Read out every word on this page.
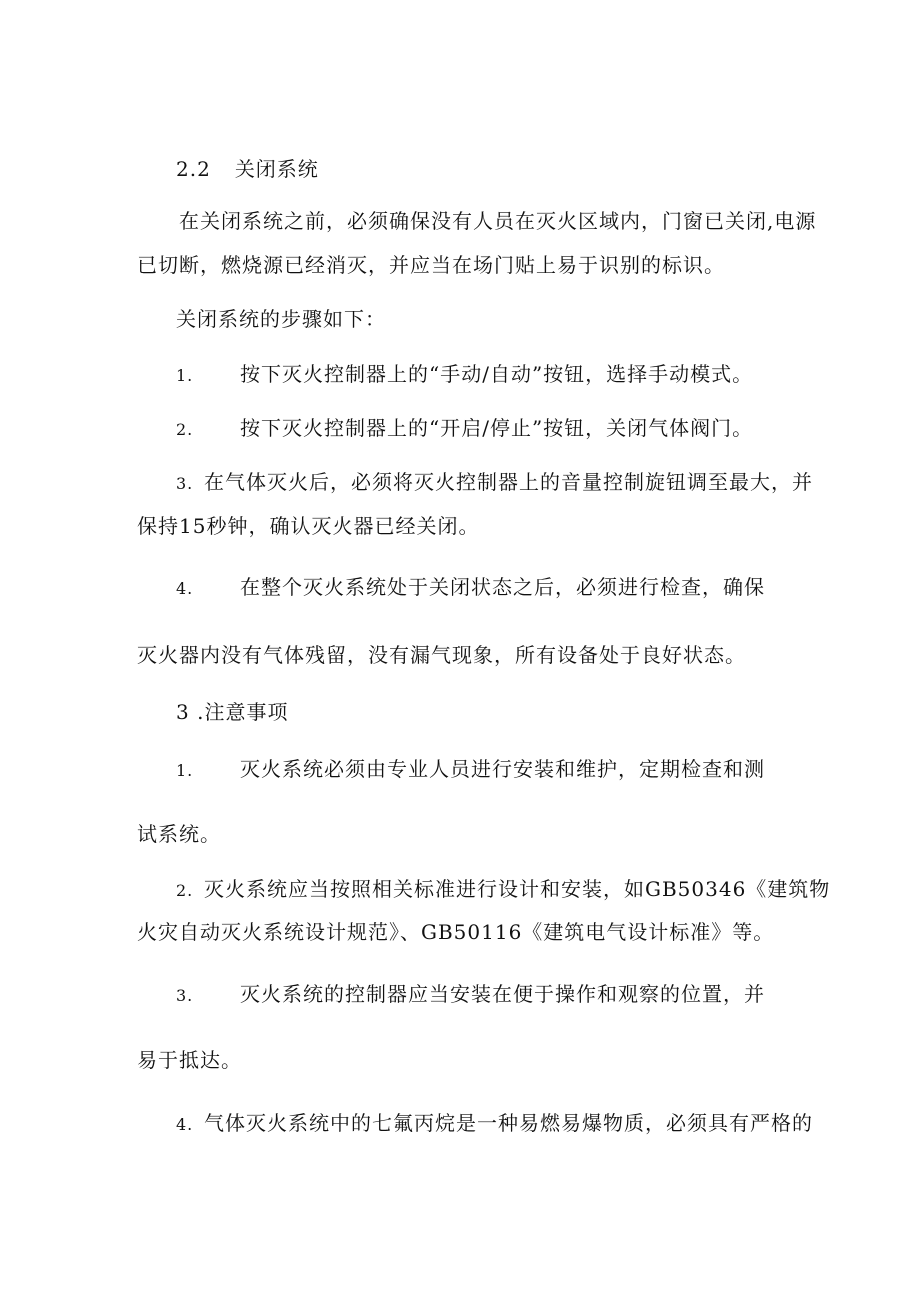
2.2 关闭系统
在关闭系统之前，必须确保没有人员在灭火区域内，门窗已关闭,电源
已切断，燃烧源已经消灭，并应当在场门贴上易于识别的标识。
关闭系统的步骤如下：
1. 按下灭火控制器上的“手动/自动”按钮，选择手动模式。
2. 按下灭火控制器上的“开启/停止”按钮，关闭气体阀门。
3. 在气体灭火后，必须将灭火控制器上的音量控制旋钮调至最大，并
保持15秒钟，确认灭火器已经关闭。
4. 在整个灭火系统处于关闭状态之后，必须进行检查，确保
灭火器内没有气体残留，没有漏气现象，所有设备处于良好状态。
3 .注意事项
1. 灭火系统必须由专业人员进行安装和维护，定期检查和测
试系统。
2. 灭火系统应当按照相关标准进行设计和安装，如GB50346《建筑物
火灾自动灭火系统设计规范》、GB50116《建筑电气设计标准》等。
3. 灭火系统的控制器应当安装在便于操作和观察的位置，并
易于抵达。
4. 气体灭火系统中的七氟丙烷是一种易燃易爆物质，必须具有严格的
